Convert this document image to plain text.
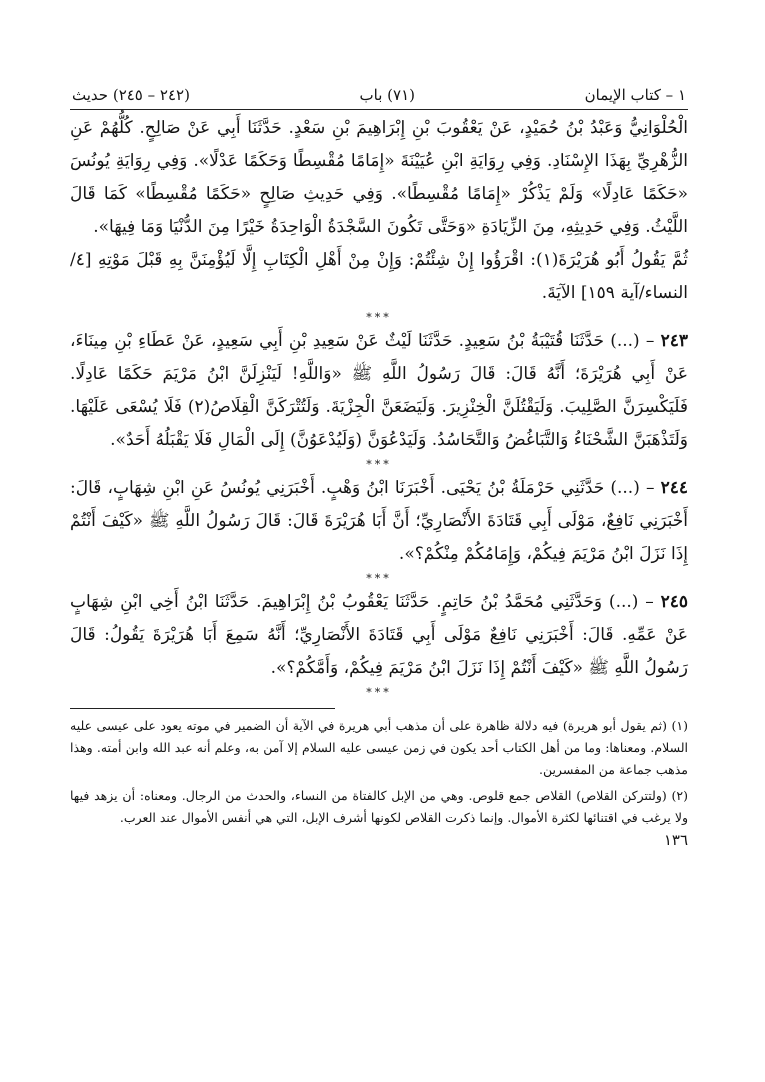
١ – كتاب الإيمان
(٧١) باب
(٢٤٢ – ٢٤٥) حديث

الْحُلْوَانِيُّ وَعَبْدُ بْنُ حُمَيْدٍ، عَنْ يَعْقُوبَ بْنِ إِبْرَاهِيمَ بْنِ سَعْدٍ. حَدَّثَنَا أَبِي عَنْ صَالِحٍ. كُلُّهُمْ عَنِ الزُّهْرِيِّ بِهَذَا الإِسْنَادِ. وَفِي رِوَايَةِ ابْنِ عُيَيْنَةَ «إِمَامًا مُقْسِطًا وَحَكَمًا عَدْلًا». وَفِي رِوَايَةِ يُونُسَ «حَكَمًا عَادِلًا» وَلَمْ يَذْكُرْ «إِمَامًا مُقْسِطًا». وَفِي حَدِيثِ صَالِحٍ «حَكَمًا مُقْسِطًا» كَمَا قَالَ اللَّيْثُ. وَفِي حَدِيثِهِ، مِنَ الزِّيَادَةِ «وَحَتَّى تَكُونَ السَّجْدَةُ الْوَاحِدَةُ خَيْرًا مِنَ الدُّنْيَا وَمَا فِيهَا».

ثُمَّ يَقُولُ أَبُو هُرَيْرَةَ(١): اقْرَؤُوا إِنْ شِئْتُمْ: وَإِنْ مِنْ أَهْلِ الْكِتَابِ إِلَّا لَيُؤْمِنَنَّ بِهِ قَبْلَ مَوْتِهِ [٤/النساء/آية ١٥٩] الآيَةَ.

***

٢٤٣ – (...) حَدَّثَنَا قُتَيْبَةُ بْنُ سَعِيدٍ. حَدَّثَنَا لَيْثٌ عَنْ سَعِيدِ بْنِ أَبِي سَعِيدٍ، عَنْ عَطَاءِ بْنِ مِينَاءَ، عَنْ أَبِي هُرَيْرَةَ؛ أَنَّهُ قَالَ: قَالَ رَسُولُ اللَّهِ ﷺ «وَاللَّهِ! لَيَنْزِلَنَّ ابْنُ مَرْيَمَ حَكَمًا عَادِلًا. فَلَيَكْسِرَنَّ الصَّلِيبَ. وَلَيَقْتُلَنَّ الْخِنْزِيرَ. وَلَيَضَعَنَّ الْجِزْيَةَ. وَلَتُتْرَكَنَّ الْقِلَاصُ(٢) فَلَا يُسْعَى عَلَيْهَا. وَلَتَذْهَبَنَّ الشَّحْنَاءُ وَالتَّبَاغُضُ وَالتَّحَاسُدُ. وَلَيَدْعُوَنَّ (وَلَيُدْعَوُنَّ) إِلَى الْمَالِ فَلَا يَقْبَلُهُ أَحَدٌ».

***

٢٤٤ – (...) حَدَّثَنِي حَرْمَلَةُ بْنُ يَحْيَى. أَخْبَرَنَا ابْنُ وَهْبٍ. أَخْبَرَنِي يُونُسُ عَنِ ابْنِ شِهَابٍ، قَالَ: أَخْبَرَنِي نَافِعٌ، مَوْلَى أَبِي قَتَادَةَ الأَنْصَارِيِّ؛ أَنَّ أَبَا هُرَيْرَةَ قَالَ: قَالَ رَسُولُ اللَّهِ ﷺ «كَيْفَ أَنْتُمْ إِذَا نَزَلَ ابْنُ مَرْيَمَ فِيكُمْ، وَإِمَامُكُمْ مِنْكُمْ؟».

***

٢٤٥ – (...) وَحَدَّثَنِي مُحَمَّدُ بْنُ حَاتِمٍ. حَدَّثَنَا يَعْقُوبُ بْنُ إِبْرَاهِيمَ. حَدَّثَنَا ابْنُ أَخِي ابْنِ شِهَابٍ عَنْ عَمِّهِ. قَالَ: أَخْبَرَنِي نَافِعٌ مَوْلَى أَبِي قَتَادَةَ الأَنْصَارِيِّ؛ أَنَّهُ سَمِعَ أَبَا هُرَيْرَةَ يَقُولُ: قَالَ رَسُولُ اللَّهِ ﷺ «كَيْفَ أَنْتُمْ إِذَا نَزَلَ ابْنُ مَرْيَمَ فِيكُمْ، وَأَمَّكُمْ؟».

***

(١) (ثم يقول أبو هريرة) فيه دلالة ظاهرة على أن مذهب أبي هريرة في الآية أن الضمير في موته يعود على عيسى عليه السلام. ومعناها: وما من أهل الكتاب أحد يكون في زمن عيسى عليه السلام إلا آمن به، وعلم أنه عبد الله وابن أمته. وهذا مذهب جماعة من المفسرين.

(٢) (ولتتركن القلاص) القلاص جمع قلوص. وهي من الإبل كالفتاة من النساء، والحدث من الرجال. ومعناه: أن يزهد فيها ولا يرغب في اقتنائها لكثرة الأموال. وإنما ذكرت القلاص لكونها أشرف الإبل، التي هي أنفس الأموال عند العرب.

١٣٦
